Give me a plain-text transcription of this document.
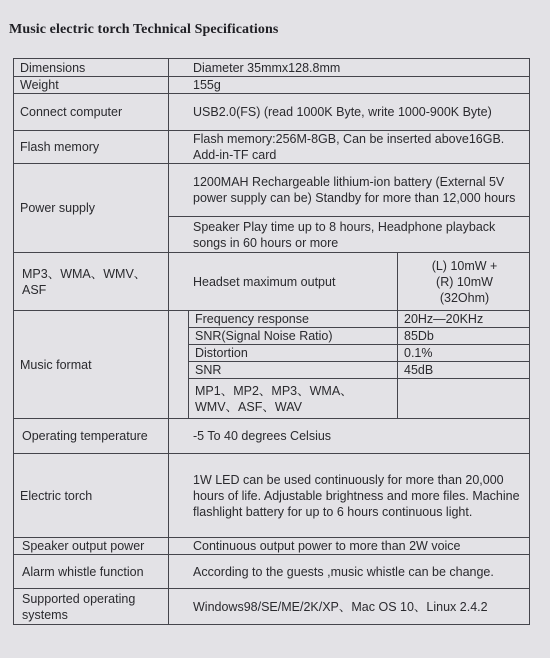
Music electric torch Technical Specifications
Dimensions	Diameter 35mmx128.8mm		
Weight	155g		
Connect computer	USB2.0(FS) (read 1000K Byte, write 1000-900K Byte)		
Flash memory	Flash memory:256M-8GB, Can be inserted above16GB. Add-in-TF card		
Power supply	1200MAH Rechargeable lithium-ion battery (External 5V power supply can be) Standby for more than 12,000 hours		
	Speaker Play time up to 8 hours, Headphone playback songs in 60 hours or more		
MP3、WMA、WMV、ASF	Headset maximum output		(L) 10mW +
(R) 10mW
(32Ohm)

Music format		Frequency response	20Hz—20KHz
		SNR(Signal Noise Ratio)	85Db
		Distortion	0.1%
		SNR	45dB
		MP1、MP2、MP3、WMA、WMV、ASF、WAV	
Operating temperature	-5 To 40 degrees Celsius		
Electric torch	1W LED can be used continuously for more than 20,000 hours of life. Adjustable brightness and more files. Machine flashlight battery for up to 6 hours continuous light.		
Speaker output power	Continuous output power to more than 2W voice		
Alarm whistle function	According to the guests ,music whistle can be change.		
Supported operating systems	Windows98/SE/ME/2K/XP、Mac OS 10、Linux 2.4.2		
